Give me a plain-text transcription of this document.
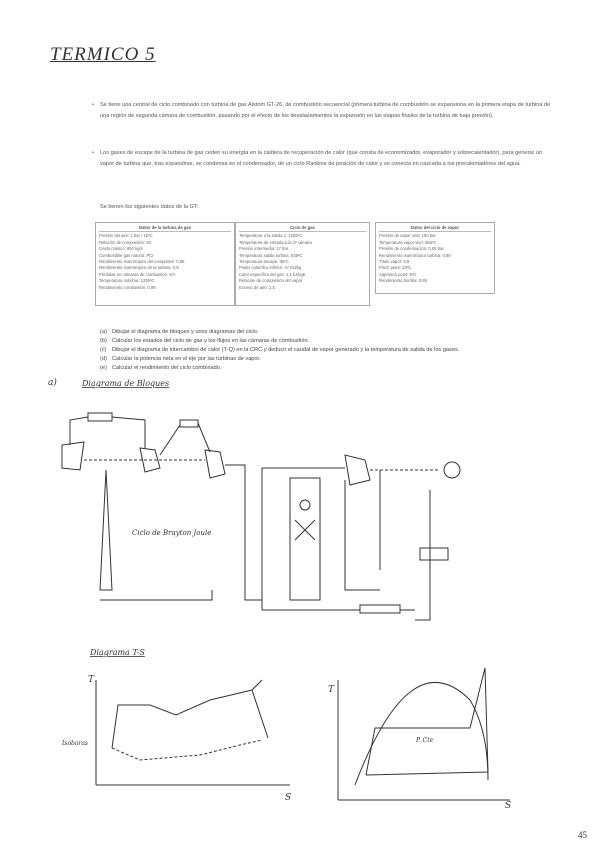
TERMICO 5
• Se tiene una central de ciclo combinado con turbina de gas Alstom GT-26, de combustión secuencial (primera turbina de combustión se expansiona en la primera etapa de turbina de una región de segunda cámara de combustión, pasando por el efecto de los desplazamientos la expansión en las etapas finales de la turbina de baja presión).
• Los gases de escape de la turbina de gas ceden su energía en la caldera de recuperación de calor (que consta de economizador, evaporador y sobrecalentador), para generar un vapor de turbina que, tras expandirse, se condensa en el condensador, de un ciclo Rankine de posición de calor y se conecta en cascada a los precalentadores del agua.
Se tienen los siguientes datos de la GT:
Datos de la turbina de gas
Presión del aire: 1 bar / 15ºC
Relación de compresión: 30
Gasto másico: 650 kg/s
Combustible gas natural: PCI
Rendimiento isoentrópico del compresor: 0,88
Rendimiento isoentrópico de la turbina: 0,9
Pérdidas en cámaras de combustión: 5%
Temperatura máxima: 1255ºC
Rendimiento combustión: 0,99
Ciclo de gas
Temperatura a la salida 1: 1255ºC
Temperatura de entrada a la 2ª cámara
Presión intermedia: 17 bar
Temperatura salida turbina: 635ºC
Temperatura escape: 95ºC
Poder calorífico inferior: 47 MJ/kg
Calor específico del gas: 1,1 kJ/kgK
Relación de compresión del vapor
Exceso de aire: 2,5
Datos del ciclo de vapor
Presión de vapor vivo: 100 bar
Temperatura vapor vivo: 565ºC
Presión de condensación: 0,05 bar
Rendimiento isoentrópico turbina: 0,88
Título vapor: 0,9
Pinch point: 10ºC
Approach point: 5ºC
Rendimiento bomba: 0,85
(a) Dibujar el diagrama de bloques y unos diagramas del ciclo.
(b) Calcular los estados del ciclo de gas y los flujos en las cámaras de combustión.
(c) Dibujar el diagrama de intercambio de calor (T-Q) en la CRC y deducir el caudal de vapor generado y la temperatura de salida de los gases.
(d) Calcular la potencia neta en el eje por las turbinas de vapor.
(e) Calcular el rendimiento del ciclo combinado.
a)	Diagrama de Bloques
Ciclo de Brayton Joule
Diagrama T-S
T
S
Isóbaras
T
S
P. Cte
45
